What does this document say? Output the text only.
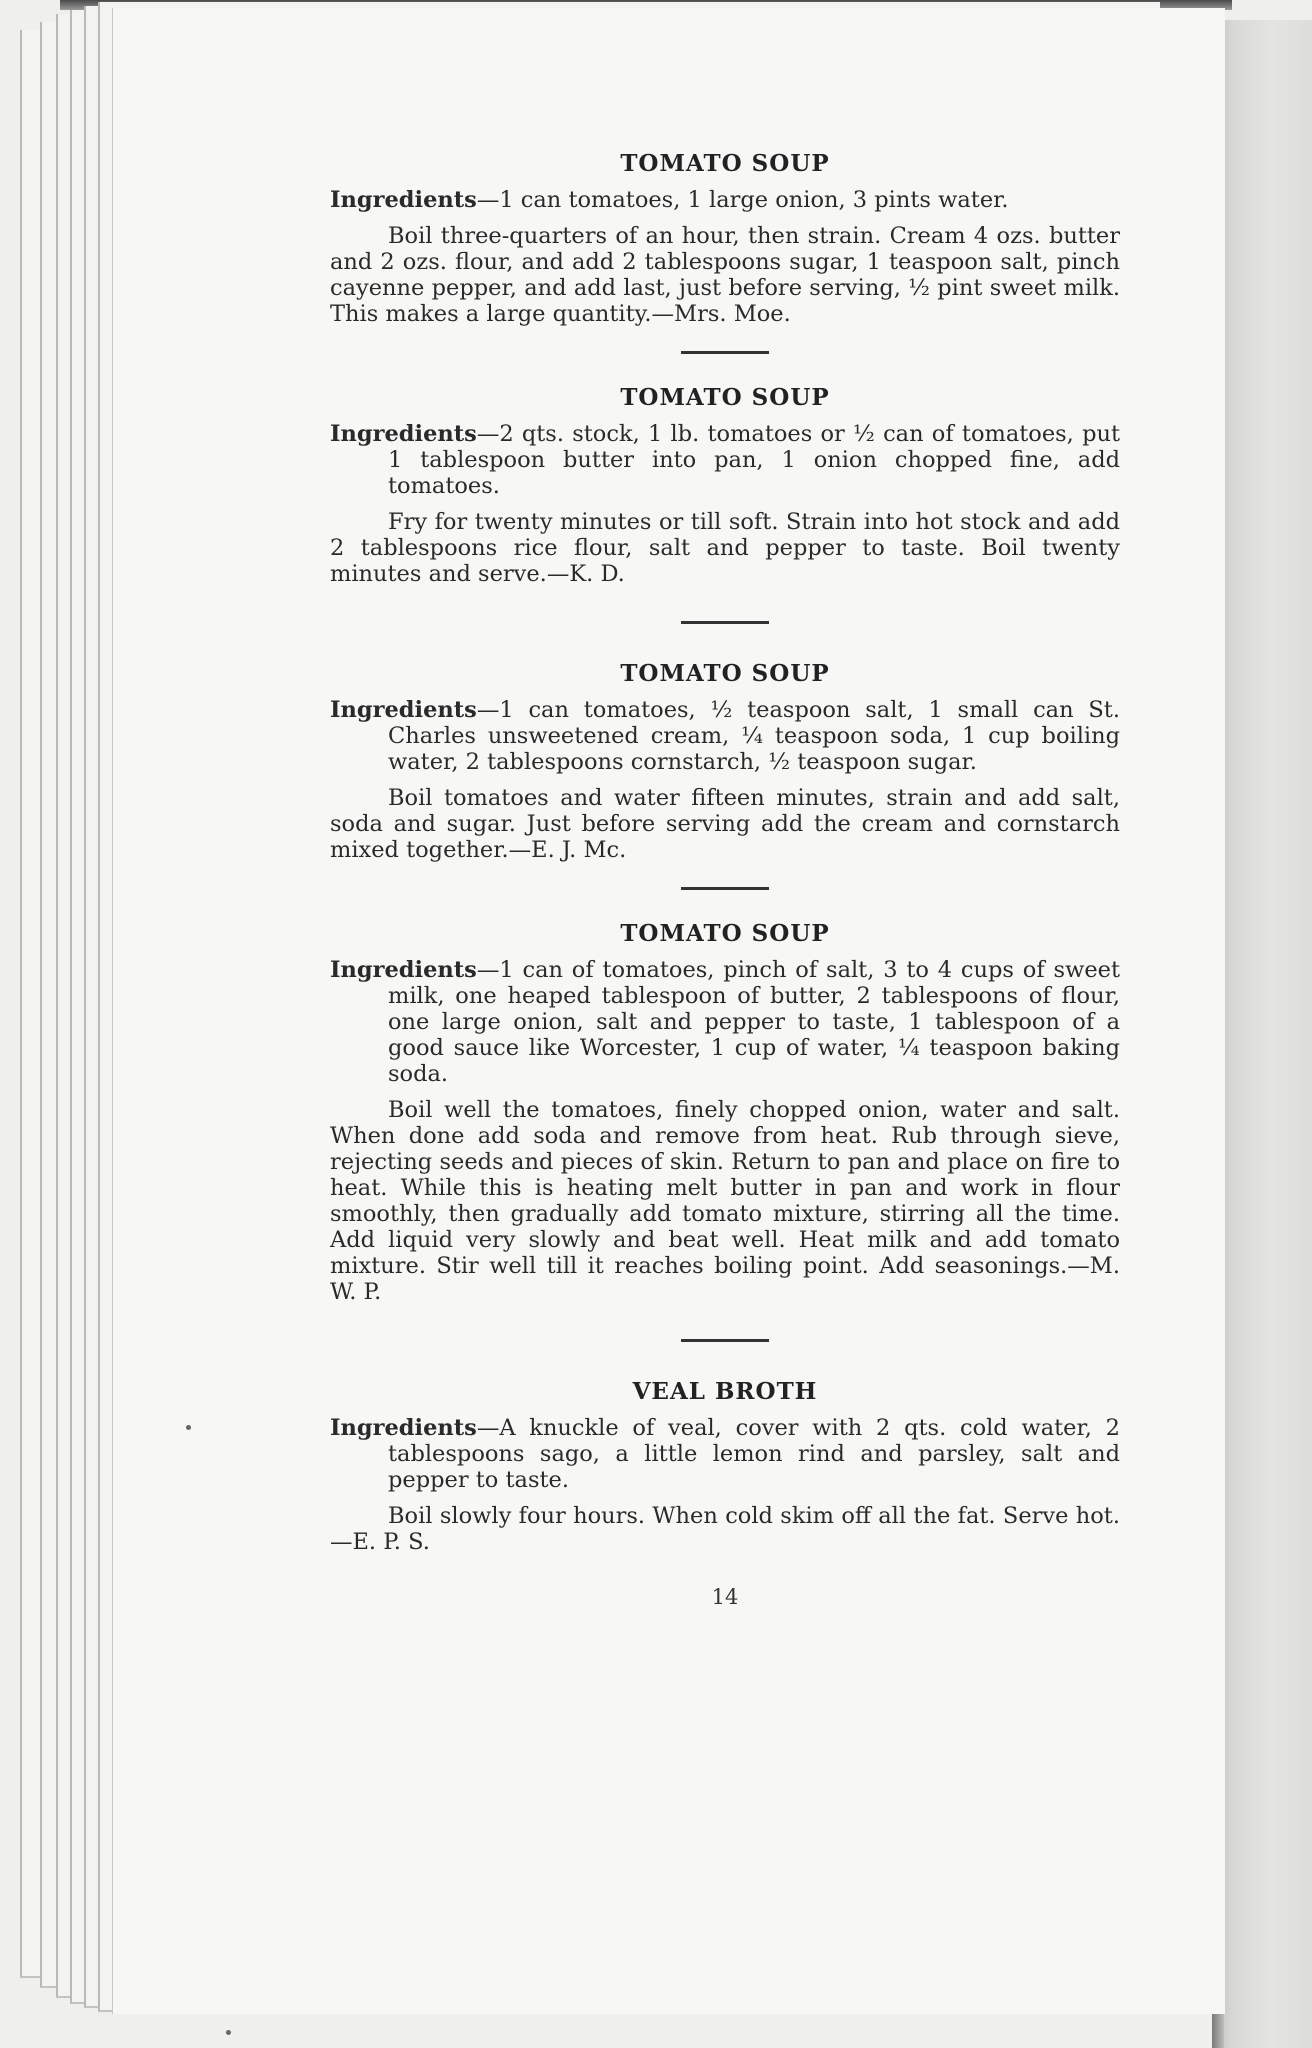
TOMATO SOUP

Ingredients—1 can tomatoes, 1 large onion, 3 pints water.

Boil three-quarters of an hour, then strain. Cream 4 ozs. butter and 2 ozs. flour, and add 2 tablespoons sugar, 1 teaspoon salt, pinch cayenne pepper, and add last, just before serving, ½ pint sweet milk. This makes a large quantity.—Mrs. Moe.

TOMATO SOUP

Ingredients—2 qts. stock, 1 lb. tomatoes or ½ can of tomatoes, put 1 tablespoon butter into pan, 1 onion chopped fine, add tomatoes.

Fry for twenty minutes or till soft. Strain into hot stock and add 2 tablespoons rice flour, salt and pepper to taste. Boil twenty minutes and serve.—K. D.

TOMATO SOUP

Ingredients—1 can tomatoes, ½ teaspoon salt, 1 small can St. Charles unsweetened cream, ¼ teaspoon soda, 1 cup boiling water, 2 tablespoons cornstarch, ½ teaspoon sugar.

Boil tomatoes and water fifteen minutes, strain and add salt, soda and sugar. Just before serving add the cream and cornstarch mixed together.—E. J. Mc.

TOMATO SOUP

Ingredients—1 can of tomatoes, pinch of salt, 3 to 4 cups of sweet milk, one heaped tablespoon of butter, 2 tablespoons of flour, one large onion, salt and pepper to taste, 1 tablespoon of a good sauce like Worcester, 1 cup of water, ¼ teaspoon baking soda.

Boil well the tomatoes, finely chopped onion, water and salt. When done add soda and remove from heat. Rub through sieve, rejecting seeds and pieces of skin. Return to pan and place on fire to heat. While this is heating melt butter in pan and work in flour smoothly, then gradually add tomato mixture, stirring all the time. Add liquid very slowly and beat well. Heat milk and add tomato mixture. Stir well till it reaches boiling point. Add seasonings.—M. W. P.

VEAL BROTH

Ingredients—A knuckle of veal, cover with 2 qts. cold water, 2 tablespoons sago, a little lemon rind and parsley, salt and pepper to taste.

Boil slowly four hours. When cold skim off all the fat. Serve hot.—E. P. S.

14
